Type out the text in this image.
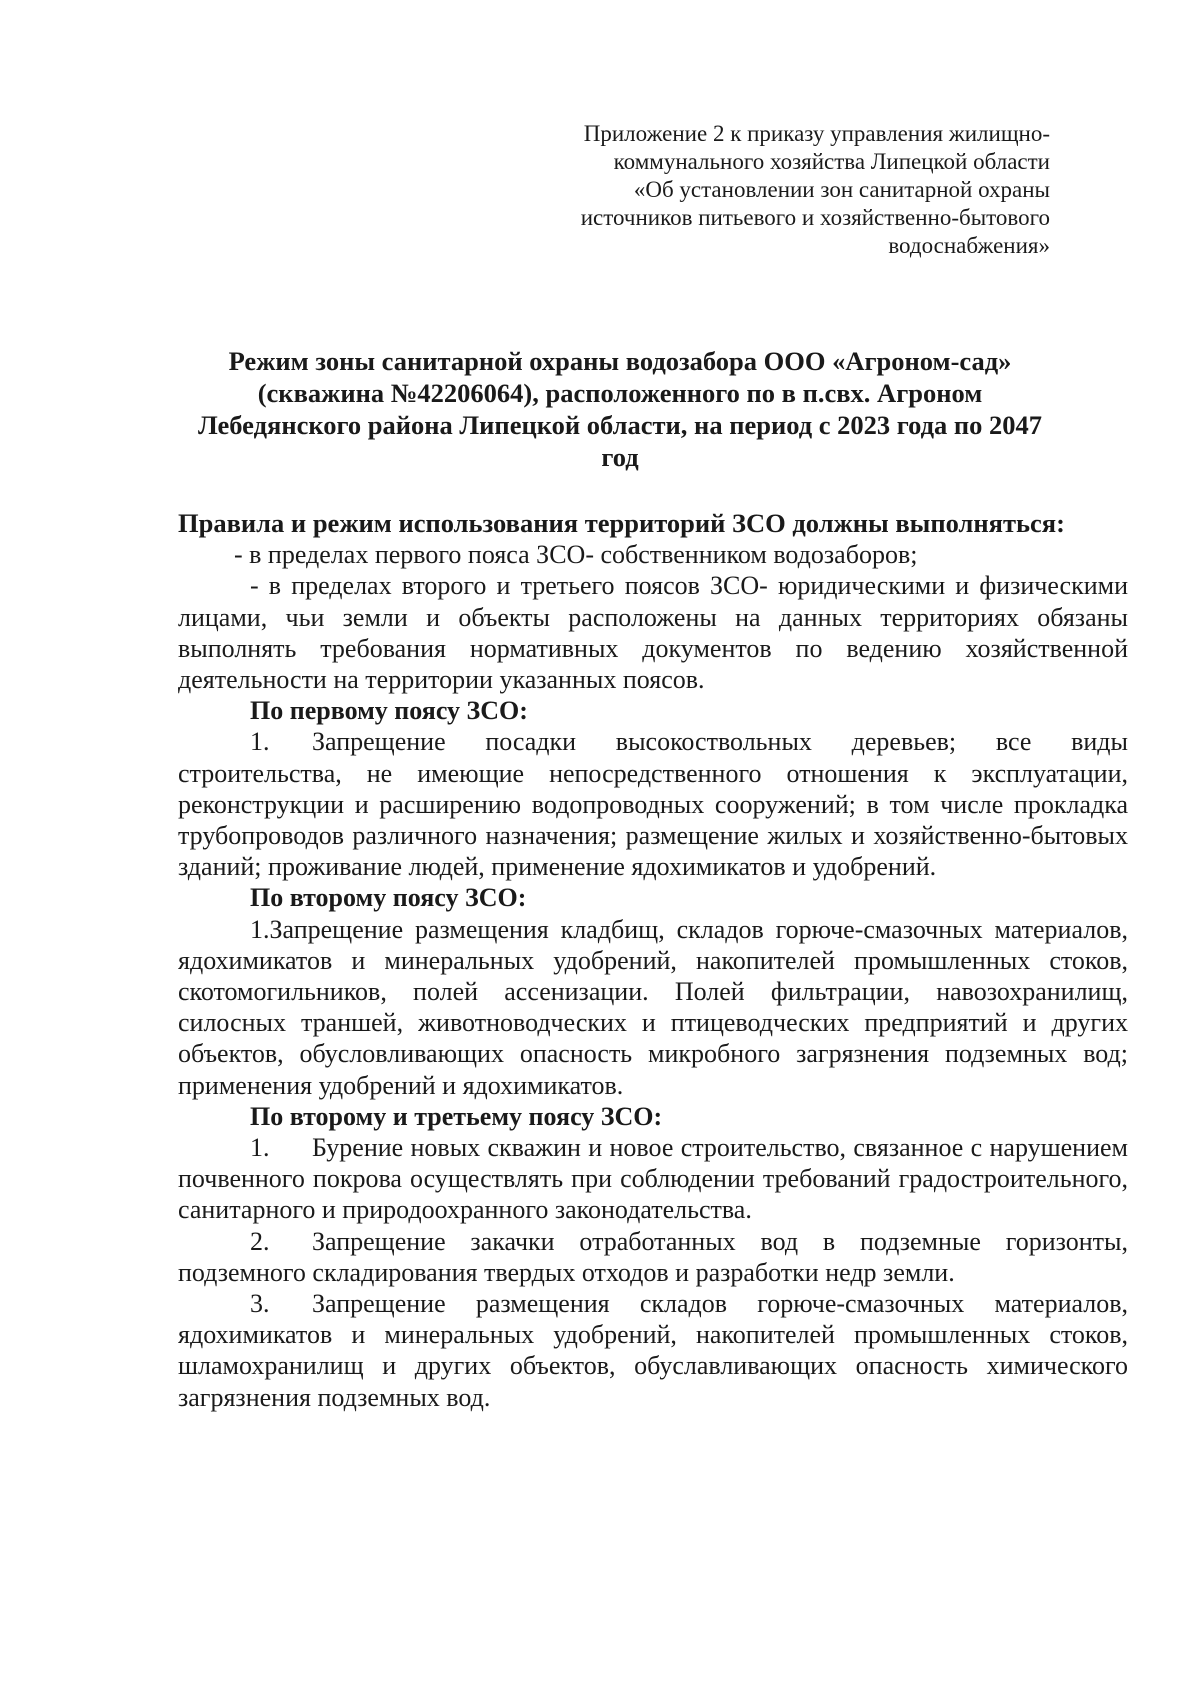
Приложение 2 к приказу управления жилищно-
коммунального хозяйства Липецкой области
«Об установлении зон санитарной охраны
источников питьевого и хозяйственно-бытового
водоснабжения»
Режим зоны санитарной охраны водозабора ООО «Агроном-сад»
(скважина №42206064), расположенного по в п.свх. Агроном
Лебедянского района Липецкой области, на период с 2023 года по 2047
год
Правила и режим использования территорий ЗСО должны выполняться:
- в пределах первого пояса ЗСО- собственником водозаборов;
- в пределах второго и третьего поясов ЗСО- юридическими и физическими лицами, чьи земли и объекты расположены на данных территориях обязаны выполнять требования нормативных документов по ведению хозяйственной деятельности на территории указанных поясов.
По первому поясу ЗСО:
1. Запрещение посадки высокоствольных деревьев; все виды строительства, не имеющие непосредственного отношения к эксплуатации, реконструкции и расширению водопроводных сооружений; в том числе прокладка трубопроводов различного назначения; размещение жилых и хозяйственно-бытовых зданий; проживание людей, применение ядохимикатов и удобрений.
По второму поясу ЗСО:
1.Запрещение размещения кладбищ, складов горюче-смазочных материалов, ядохимикатов и минеральных удобрений, накопителей промышленных стоков, скотомогильников, полей ассенизации. Полей фильтрации, навозохранилищ, силосных траншей, животноводческих и птицеводческих предприятий и других объектов, обусловливающих опасность микробного загрязнения подземных вод; применения удобрений и ядохимикатов.
По второму и третьему поясу ЗСО:
1. Бурение новых скважин и новое строительство, связанное с нарушением почвенного покрова осуществлять при соблюдении требований градостроительного, санитарного и природоохранного законодательства.
2. Запрещение закачки отработанных вод в подземные горизонты, подземного складирования твердых отходов и разработки недр земли.
3. Запрещение размещения складов горюче-смазочных материалов, ядохимикатов и минеральных удобрений, накопителей промышленных стоков, шламохранилищ и других объектов, обуславливающих опасность химического загрязнения подземных вод.
